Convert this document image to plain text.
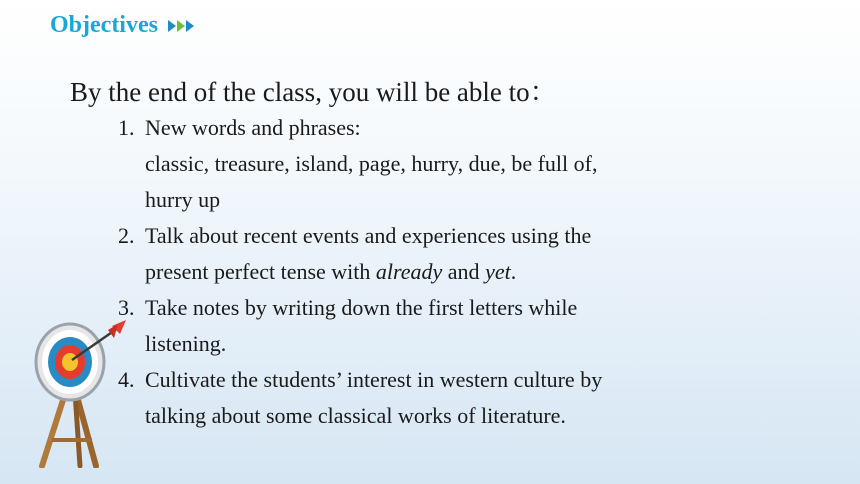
Objectives
By the end of the class, you will be able to：
1. New words and phrases:
classic, treasure, island, page, hurry, due, be full of,
hurry up
2. Talk about recent events and experiences using the
present perfect tense with already and yet.
3. Take notes by writing down the first letters while
listening.
4. Cultivate the students’ interest in western culture by
talking about some classical works of literature.
